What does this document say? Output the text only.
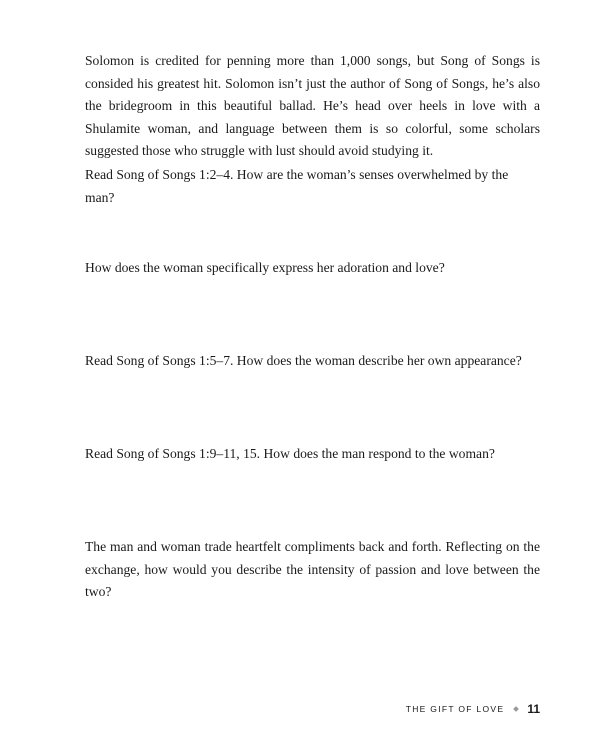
Solomon is credited for penning more than 1,000 songs, but Song of Songs is consided his greatest hit. Solomon isn’t just the author of Song of Songs, he’s also the bridegroom in this beautiful ballad. He’s head over heels in love with a Shulamite woman, and language between them is so colorful, some scholars suggested those who struggle with lust should avoid studying it.

Read Song of Songs 1:2–4. How are the woman’s senses overwhelmed by the man?

How does the woman specifically express her adoration and love?

Read Song of Songs 1:5–7. How does the woman describe her own appearance?

Read Song of Songs 1:9–11, 15. How does the man respond to the woman?

The man and woman trade heartfelt compliments back and forth. Reflecting on the exchange, how would you describe the intensity of passion and love between the two?

THE GIFT OF LOVE 11
